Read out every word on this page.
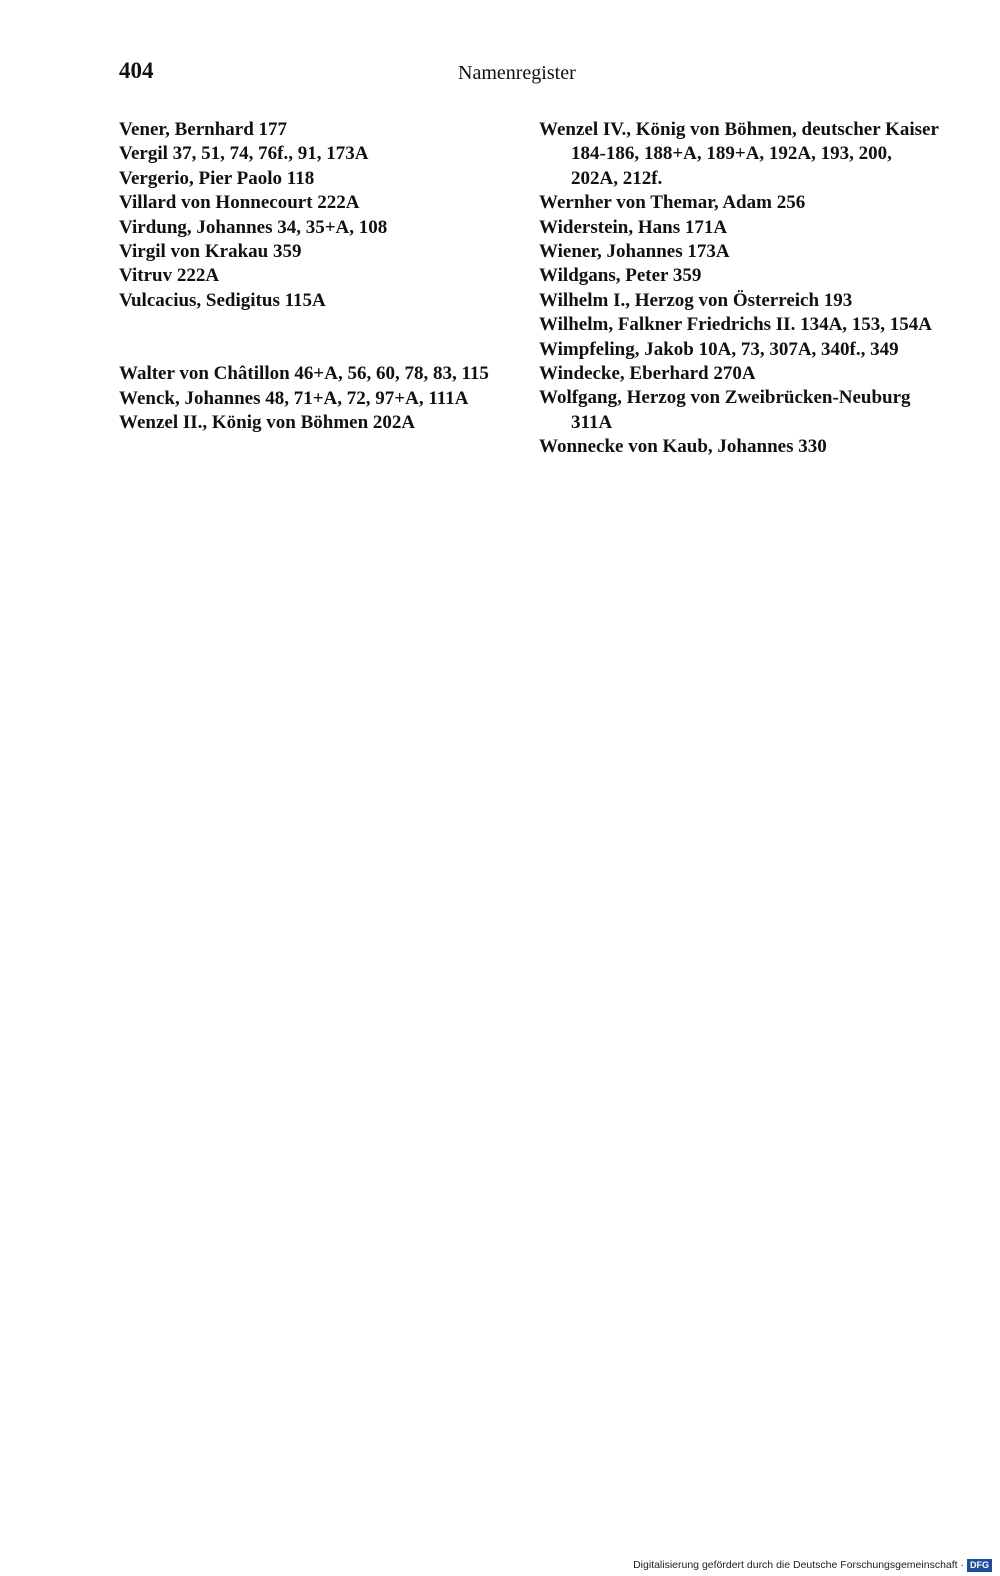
404	Namenregister
Vener, Bernhard 177
Vergil 37, 51, 74, 76f., 91, 173A
Vergerio, Pier Paolo 118
Villard von Honnecourt 222A
Virdung, Johannes 34, 35+A, 108
Virgil von Krakau 359
Vitruv 222A
Vulcacius, Sedigitus 115A
Walter von Châtillon 46+A, 56, 60, 78, 83, 115
Wenck, Johannes 48, 71+A, 72, 97+A, 111A
Wenzel II., König von Böhmen 202A
Wenzel IV., König von Böhmen, deutscher Kaiser 184-186, 188+A, 189+A, 192A, 193, 200, 202A, 212f.
Wernher von Themar, Adam 256
Widerstein, Hans 171A
Wiener, Johannes 173A
Wildgans, Peter 359
Wilhelm I., Herzog von Österreich 193
Wilhelm, Falkner Friedrichs II. 134A, 153, 154A
Wimpfeling, Jakob 10A, 73, 307A, 340f., 349
Windecke, Eberhard 270A
Wolfgang, Herzog von Zweibrücken-Neuburg 311A
Wonnecke von Kaub, Johannes 330
Digitalisierung gefördert durch die Deutsche Forschungsgemeinschaft · DFG
